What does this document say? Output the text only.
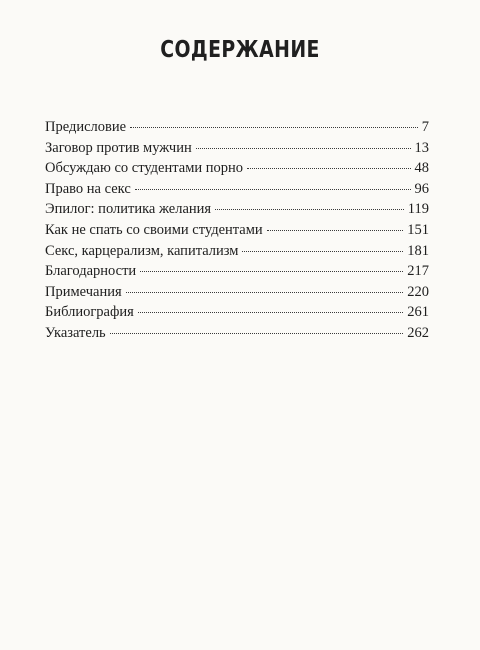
СОДЕРЖАНИЕ
Предисловие	7
Заговор против мужчин	13
Обсуждаю со студентами порно	48
Право на секс	96
Эпилог: политика желания	119
Как не спать со своими студентами	151
Секс, карцерализм, капитализм	181
Благодарности	217
Примечания	220
Библиография	261
Указатель	262
